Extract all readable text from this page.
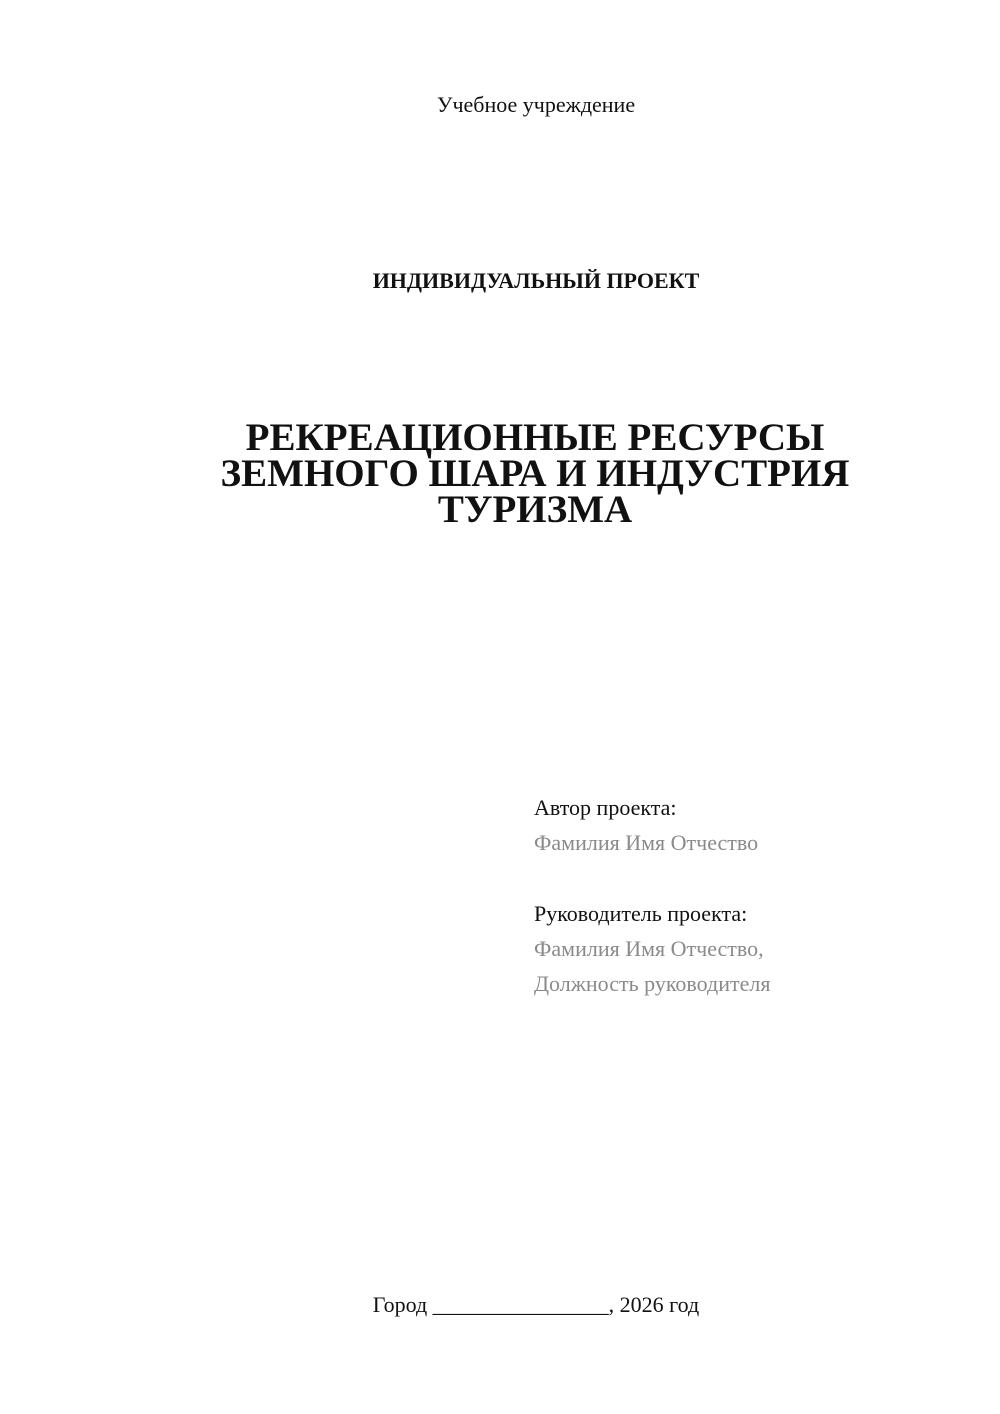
Учебное учреждение
ИНДИВИДУАЛЬНЫЙ ПРОЕКТ
РЕКРЕАЦИОННЫЕ РЕСУРСЫ
ЗЕМНОГО ШАРА И ИНДУСТРИЯ
ТУРИЗМА
Автор проекта:
Фамилия Имя Отчество
Руководитель проекта:
Фамилия Имя Отчество,
Должность руководителя
Город ________________, 2026 год
